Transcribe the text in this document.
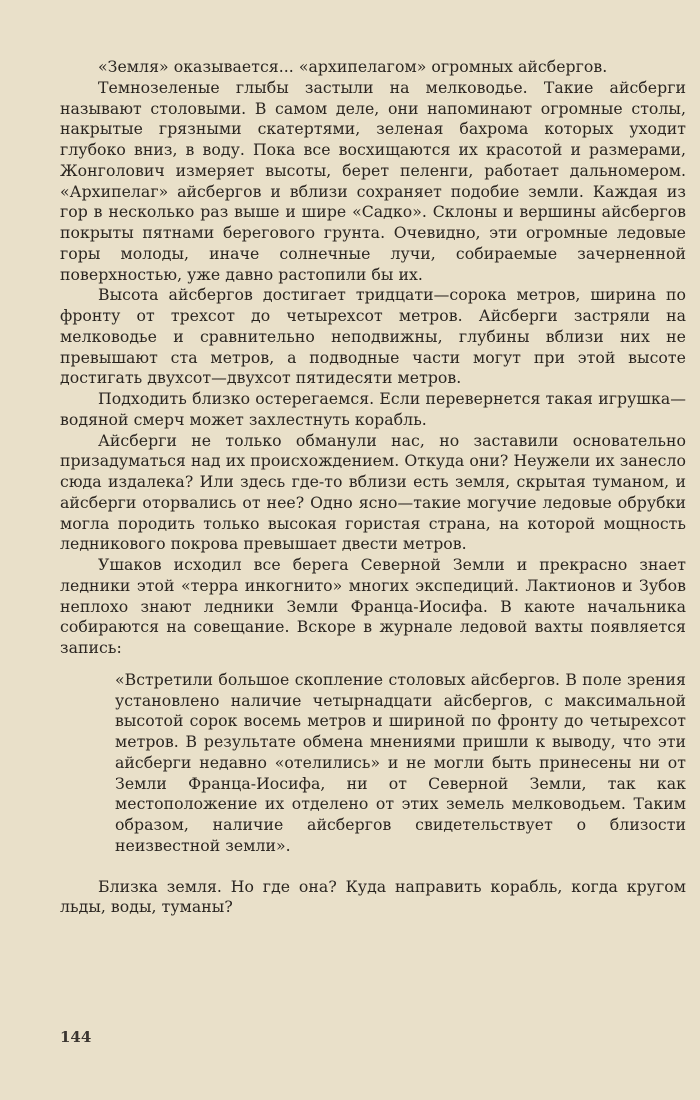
«Земля» оказывается... «архипелагом» огромных айсбергов.

Темнозеленые глыбы застыли на мелководье. Такие айсберги называют столовыми. В самом деле, они напоминают огромные столы, накрытые грязными скатертями, зеленая бахрома которых уходит глубоко вниз, в воду. Пока все восхищаются их красотой и размерами, Жонголович измеряет высоты, берет пеленги, работает дальномером. «Архипелаг» айсбергов и вблизи сохраняет подобие земли. Каждая из гор в несколько раз выше и шире «Садко». Склоны и вершины айсбергов покрыты пятнами берегового грунта. Очевидно, эти огромные ледовые горы молоды, иначе солнечные лучи, собираемые зачерненной поверхностью, уже давно растопили бы их.

Высота айсбергов достигает тридцати—сорока метров, ширина по фронту от трехсот до четырехсот метров. Айсберги застряли на мелководье и сравнительно неподвижны, глубины вблизи них не превышают ста метров, а подводные части могут при этой высоте достигать двухсот—двухсот пятидесяти метров.

Подходить близко остерегаемся. Если перевернется такая игрушка—водяной смерч может захлестнуть корабль.

Айсберги не только обманули нас, но заставили основательно призадуматься над их происхождением. Откуда они? Неужели их занесло сюда издалека? Или здесь где-то вблизи есть земля, скрытая туманом, и айсберги оторвались от нее? Одно ясно—такие могучие ледовые обрубки могла породить только высокая гористая страна, на которой мощность ледникового покрова превышает двести метров.

Ушаков исходил все берега Северной Земли и прекрасно знает ледники этой «терра инкогнито» многих экспедиций. Лактионов и Зубов неплохо знают ледники Земли Франца-Иосифа. В каюте начальника собираются на совещание. Вскоре в журнале ледовой вахты появляется запись:

«Встретили большое скопление столовых айсбергов. В поле зрения установлено наличие четырнадцати айсбергов, с максимальной высотой сорок восемь метров и шириной по фронту до четырехсот метров. В результате обмена мнениями пришли к выводу, что эти айсберги недавно «отелились» и не могли быть принесены ни от Земли Франца-Иосифа, ни от Северной Земли, так как местоположение их отделено от этих земель мелководьем. Таким образом, наличие айсбергов свидетельствует о близости неизвестной земли».

Близка земля. Но где она? Куда направить корабль, когда кругом льды, воды, туманы?

144
